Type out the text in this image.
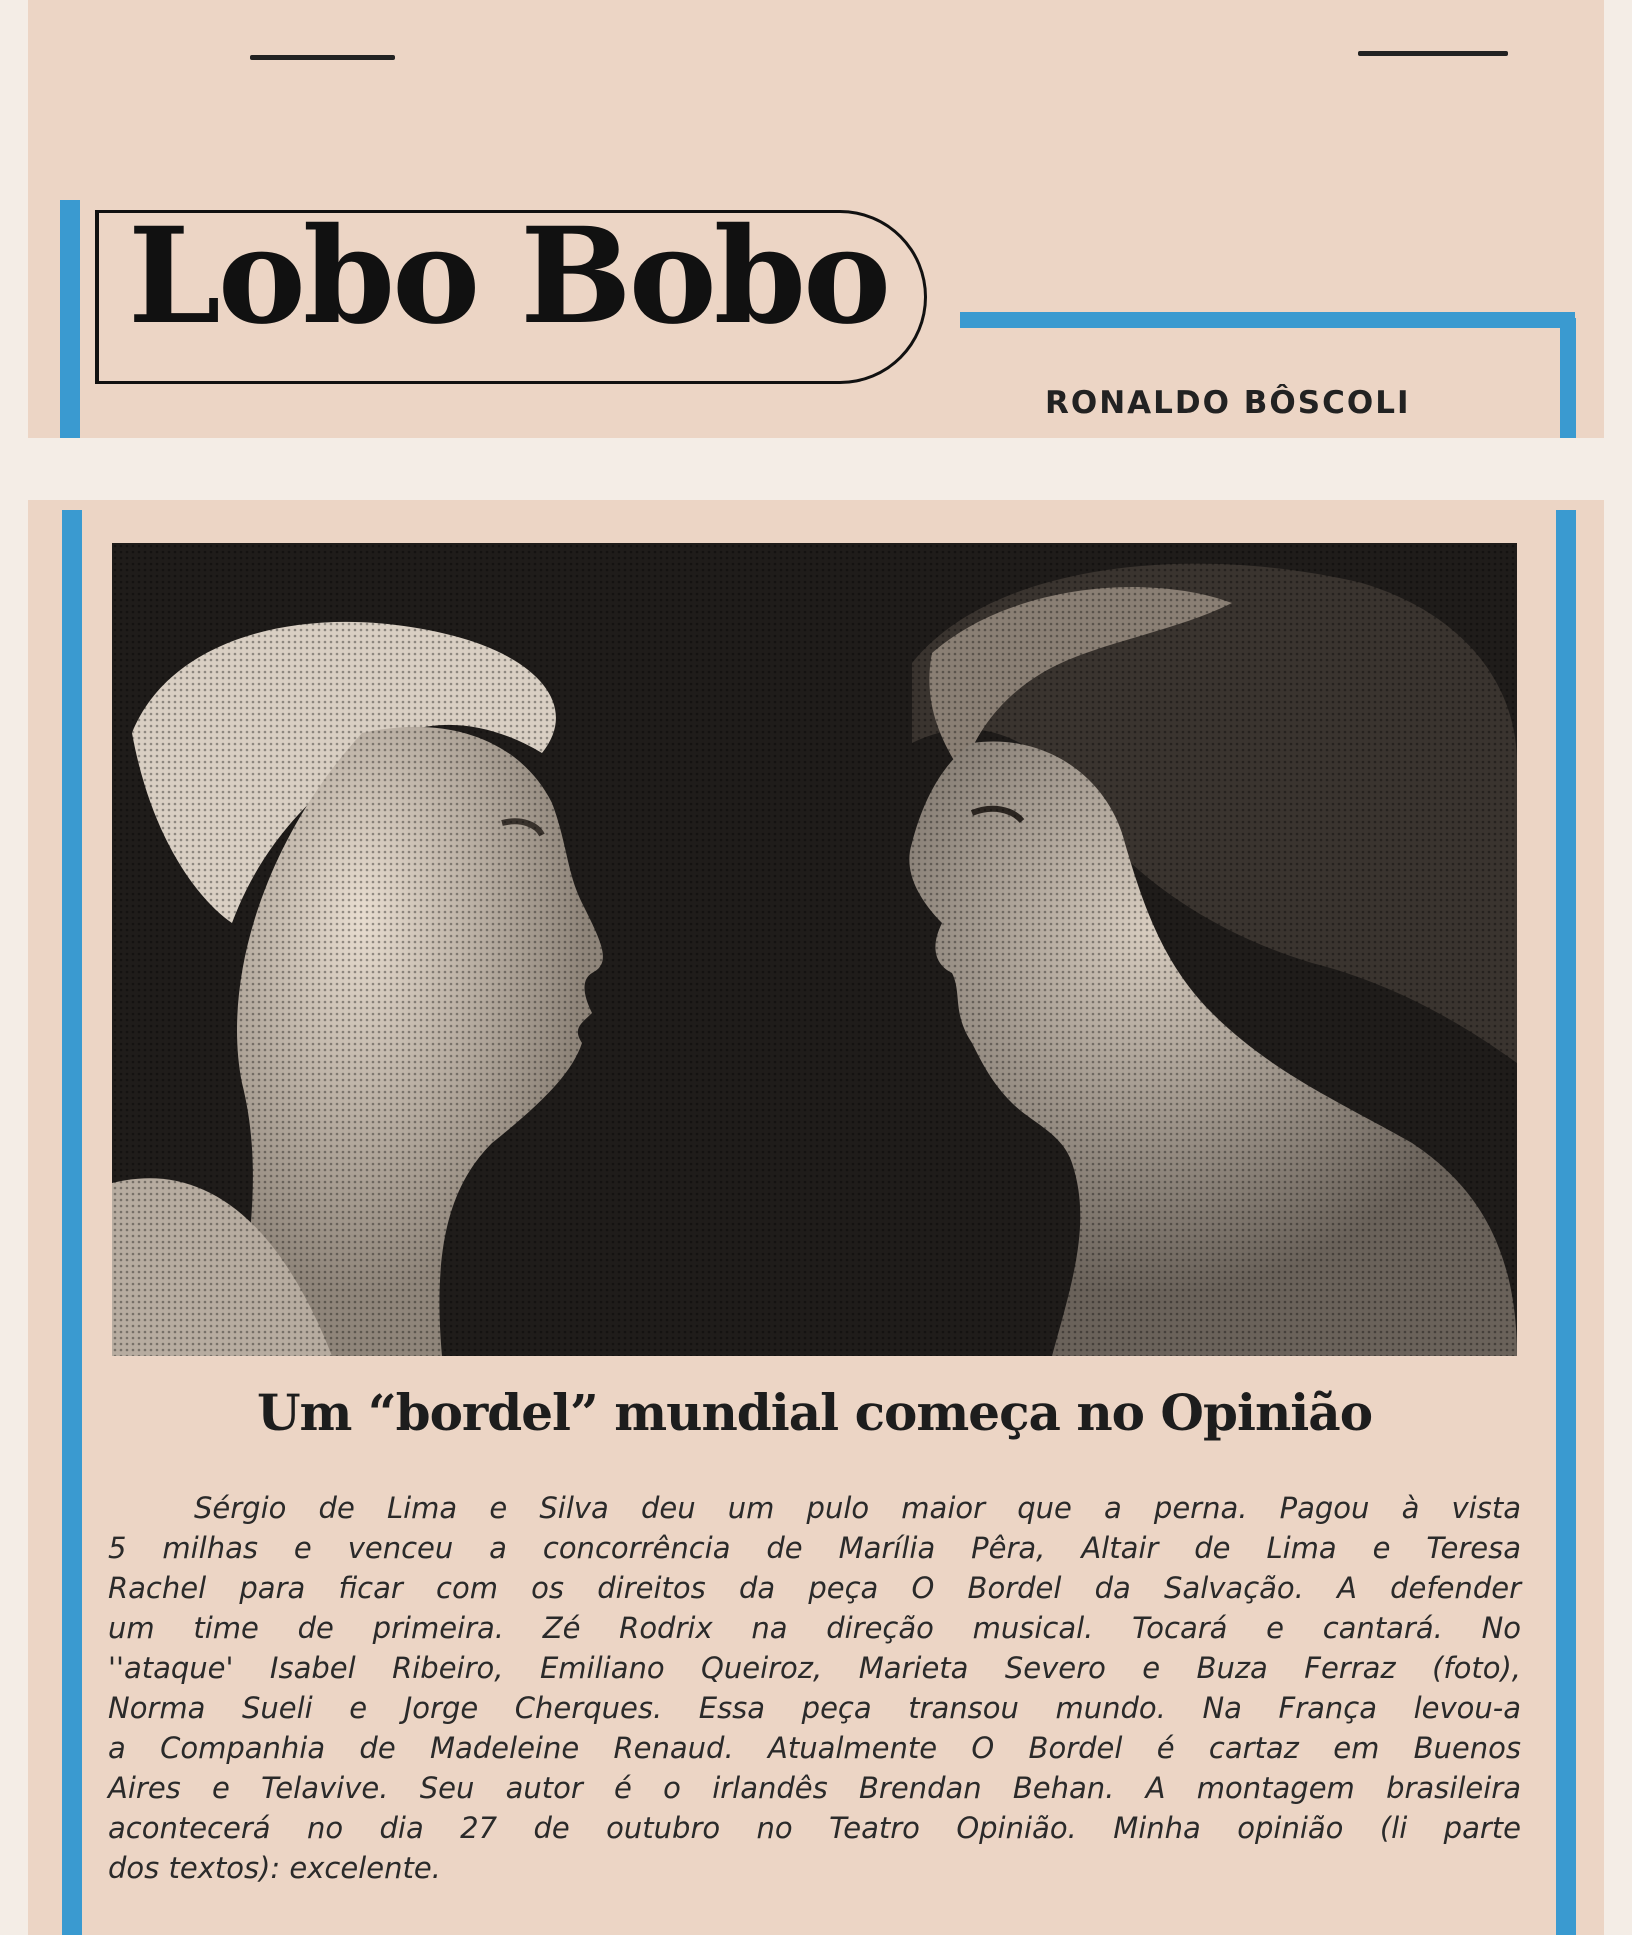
Lobo Bobo
RONALDO BÔSCOLI
Um “bordel” mundial começa no Opinião
Sérgio de Lima e Silva deu um pulo maior que a perna. Pagou à vista
5 milhas e venceu a concorrência de Marília Pêra, Altair de Lima e Teresa
Rachel para ficar com os direitos da peça O Bordel da Salvação. A defender
um time de primeira. Zé Rodrix na direção musical. Tocará e cantará. No
''ataque' Isabel Ribeiro, Emiliano Queiroz, Marieta Severo e Buza Ferraz (foto),
Norma Sueli e Jorge Cherques. Essa peça transou mundo. Na França levou-a
a Companhia de Madeleine Renaud. Atualmente O Bordel é cartaz em Buenos
Aires e Telavive. Seu autor é o irlandês Brendan Behan. A montagem brasileira
acontecerá no dia 27 de outubro no Teatro Opinião. Minha opinião (li parte
dos textos): excelente.
